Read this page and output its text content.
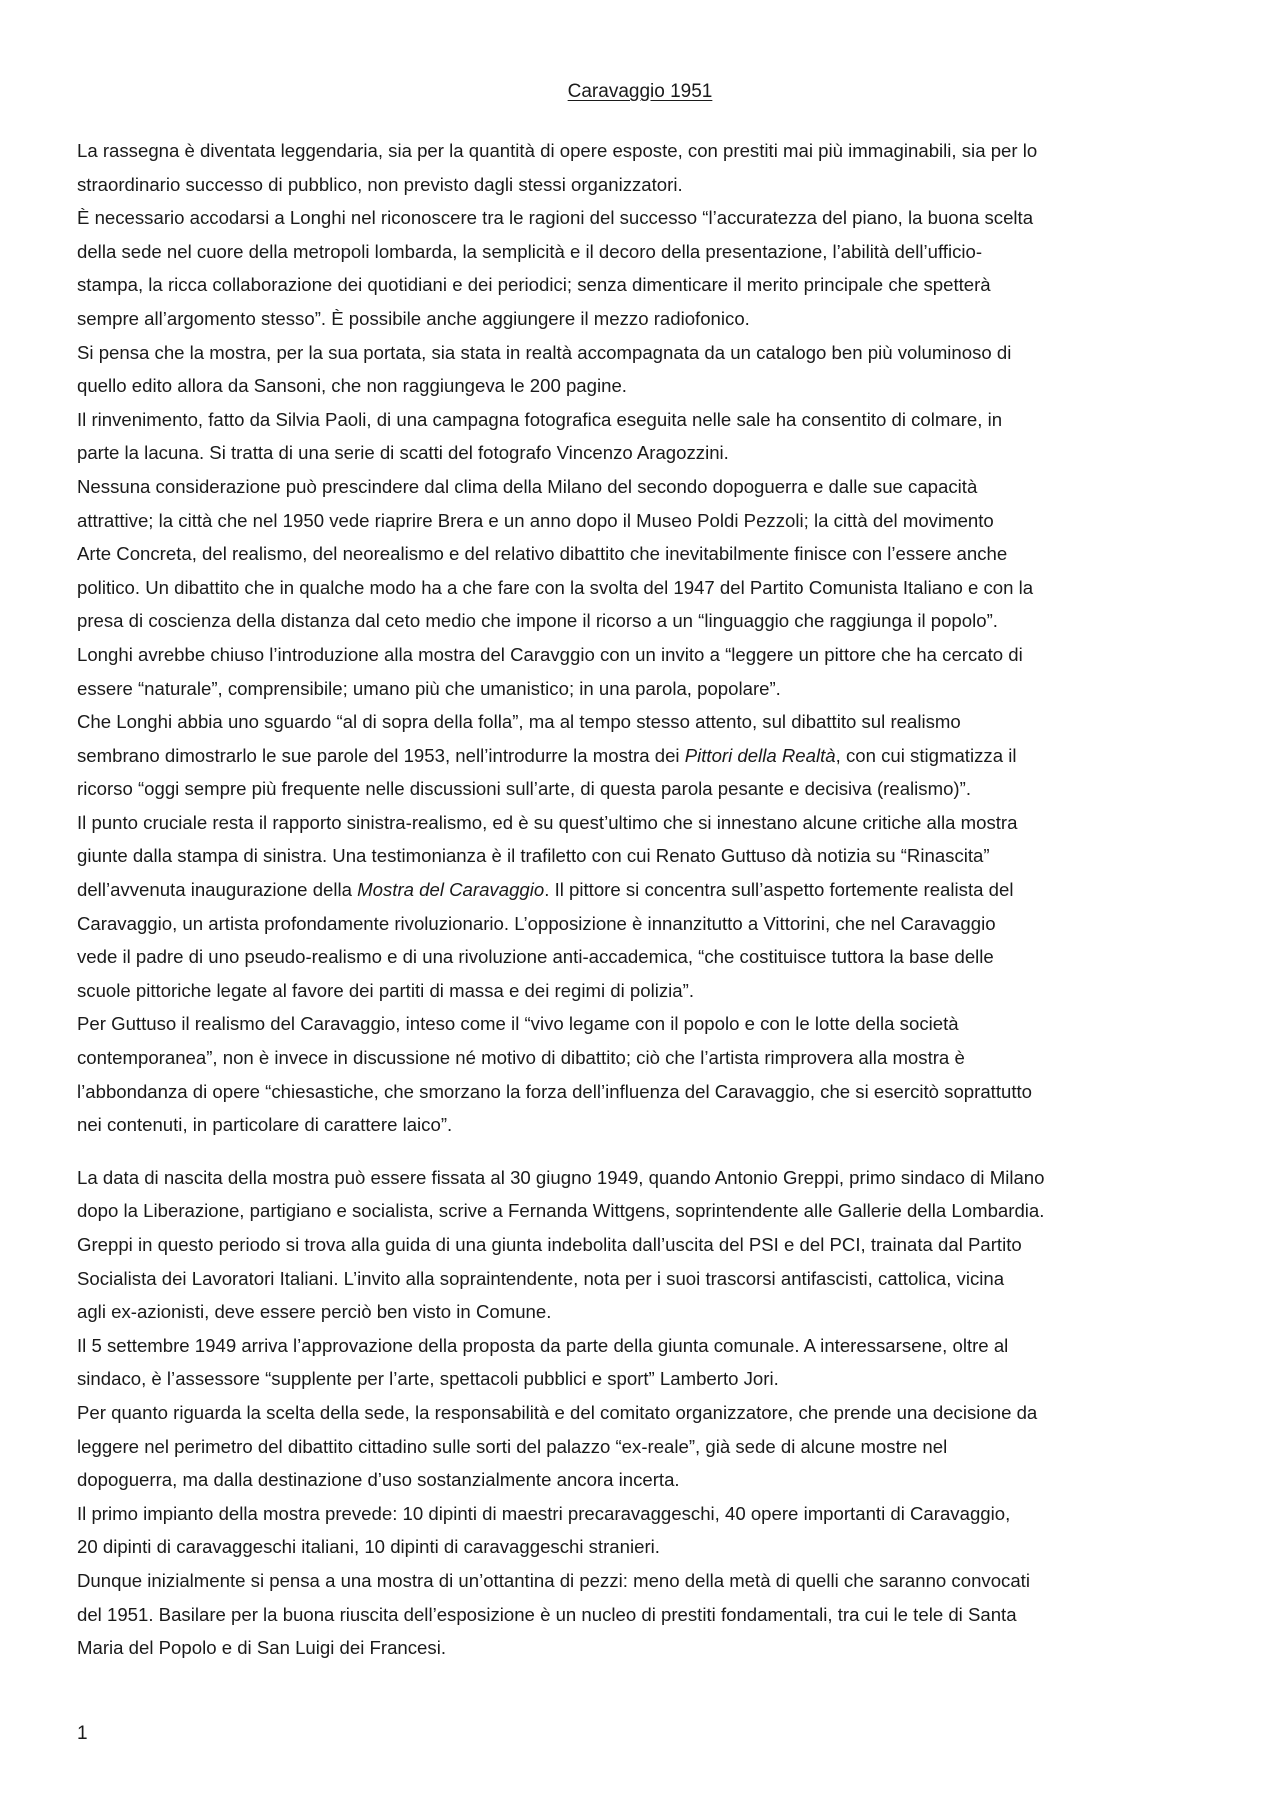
Caravaggio 1951
La rassegna è diventata leggendaria, sia per la quantità di opere esposte, con prestiti mai più immaginabili, sia per lo
straordinario successo di pubblico, non previsto dagli stessi organizzatori.
È necessario accodarsi a Longhi nel riconoscere tra le ragioni del successo “l’accuratezza del piano, la buona scelta
della sede nel cuore della metropoli lombarda, la semplicità e il decoro della presentazione, l’abilità dell’ufficio-
stampa, la ricca collaborazione dei quotidiani e dei periodici; senza dimenticare il merito principale che spetterà
sempre all’argomento stesso”. È possibile anche aggiungere il mezzo radiofonico.
Si pensa che la mostra, per la sua portata, sia stata in realtà accompagnata da un catalogo ben più voluminoso di
quello edito allora da Sansoni, che non raggiungeva le 200 pagine.
Il rinvenimento, fatto da Silvia Paoli, di una campagna fotografica eseguita nelle sale ha consentito di colmare, in
parte la lacuna. Si tratta di una serie di scatti del fotografo Vincenzo Aragozzini.
Nessuna considerazione può prescindere dal clima della Milano del secondo dopoguerra e dalle sue capacità
attrattive; la città che nel 1950 vede riaprire Brera e un anno dopo il Museo Poldi Pezzoli; la città del movimento
Arte Concreta, del realismo, del neorealismo e del relativo dibattito che inevitabilmente finisce con l’essere anche
politico. Un dibattito che in qualche modo ha a che fare con la svolta del 1947 del Partito Comunista Italiano e con la
presa di coscienza della distanza dal ceto medio che impone il ricorso a un “linguaggio che raggiunga il popolo”.
Longhi avrebbe chiuso l’introduzione alla mostra del Caravggio con un invito a “leggere un pittore che ha cercato di
essere “naturale”, comprensibile; umano più che umanistico; in una parola, popolare”.
Che Longhi abbia uno sguardo “al di sopra della folla”, ma al tempo stesso attento, sul dibattito sul realismo
sembrano dimostrarlo le sue parole del 1953, nell’introdurre la mostra dei Pittori della Realtà, con cui stigmatizza il
ricorso “oggi sempre più frequente nelle discussioni sull’arte, di questa parola pesante e decisiva (realismo)”.
Il punto cruciale resta il rapporto sinistra-realismo, ed è su quest’ultimo che si innestano alcune critiche alla mostra
giunte dalla stampa di sinistra. Una testimonianza è il trafiletto con cui Renato Guttuso dà notizia su “Rinascita”
dell’avvenuta inaugurazione della Mostra del Caravaggio. Il pittore si concentra sull’aspetto fortemente realista del
Caravaggio, un artista profondamente rivoluzionario. L’opposizione è innanzitutto a Vittorini, che nel Caravaggio
vede il padre di uno pseudo-realismo e di una rivoluzione anti-accademica, “che costituisce tuttora la base delle
scuole pittoriche legate al favore dei partiti di massa e dei regimi di polizia”.
Per Guttuso il realismo del Caravaggio, inteso come il “vivo legame con il popolo e con le lotte della società
contemporanea”, non è invece in discussione né motivo di dibattito; ciò che l’artista rimprovera alla mostra è
l’abbondanza di opere “chiesastiche, che smorzano la forza dell’influenza del Caravaggio, che si esercitò soprattutto
nei contenuti, in particolare di carattere laico”.
La data di nascita della mostra può essere fissata al 30 giugno 1949, quando Antonio Greppi, primo sindaco di Milano
dopo la Liberazione, partigiano e socialista, scrive a Fernanda Wittgens, soprintendente alle Gallerie della Lombardia.
Greppi in questo periodo si trova alla guida di una giunta indebolita dall’uscita del PSI e del PCI, trainata dal Partito
Socialista dei Lavoratori Italiani. L’invito alla sopraintendente, nota per i suoi trascorsi antifascisti, cattolica, vicina
agli ex-azionisti, deve essere perciò ben visto in Comune.
Il 5 settembre 1949 arriva l’approvazione della proposta da parte della giunta comunale. A interessarsene, oltre al
sindaco, è l’assessore “supplente per l’arte, spettacoli pubblici e sport” Lamberto Jori.
Per quanto riguarda la scelta della sede, la responsabilità e del comitato organizzatore, che prende una decisione da
leggere nel perimetro del dibattito cittadino sulle sorti del palazzo “ex-reale”, già sede di alcune mostre nel
dopoguerra, ma dalla destinazione d’uso sostanzialmente ancora incerta.
Il primo impianto della mostra prevede: 10 dipinti di maestri precaravaggeschi, 40 opere importanti di Caravaggio,
20 dipinti di caravaggeschi italiani, 10 dipinti di caravaggeschi stranieri.
Dunque inizialmente si pensa a una mostra di un’ottantina di pezzi: meno della metà di quelli che saranno convocati
del 1951. Basilare per la buona riuscita dell’esposizione è un nucleo di prestiti fondamentali, tra cui le tele di Santa
Maria del Popolo e di San Luigi dei Francesi.
1
